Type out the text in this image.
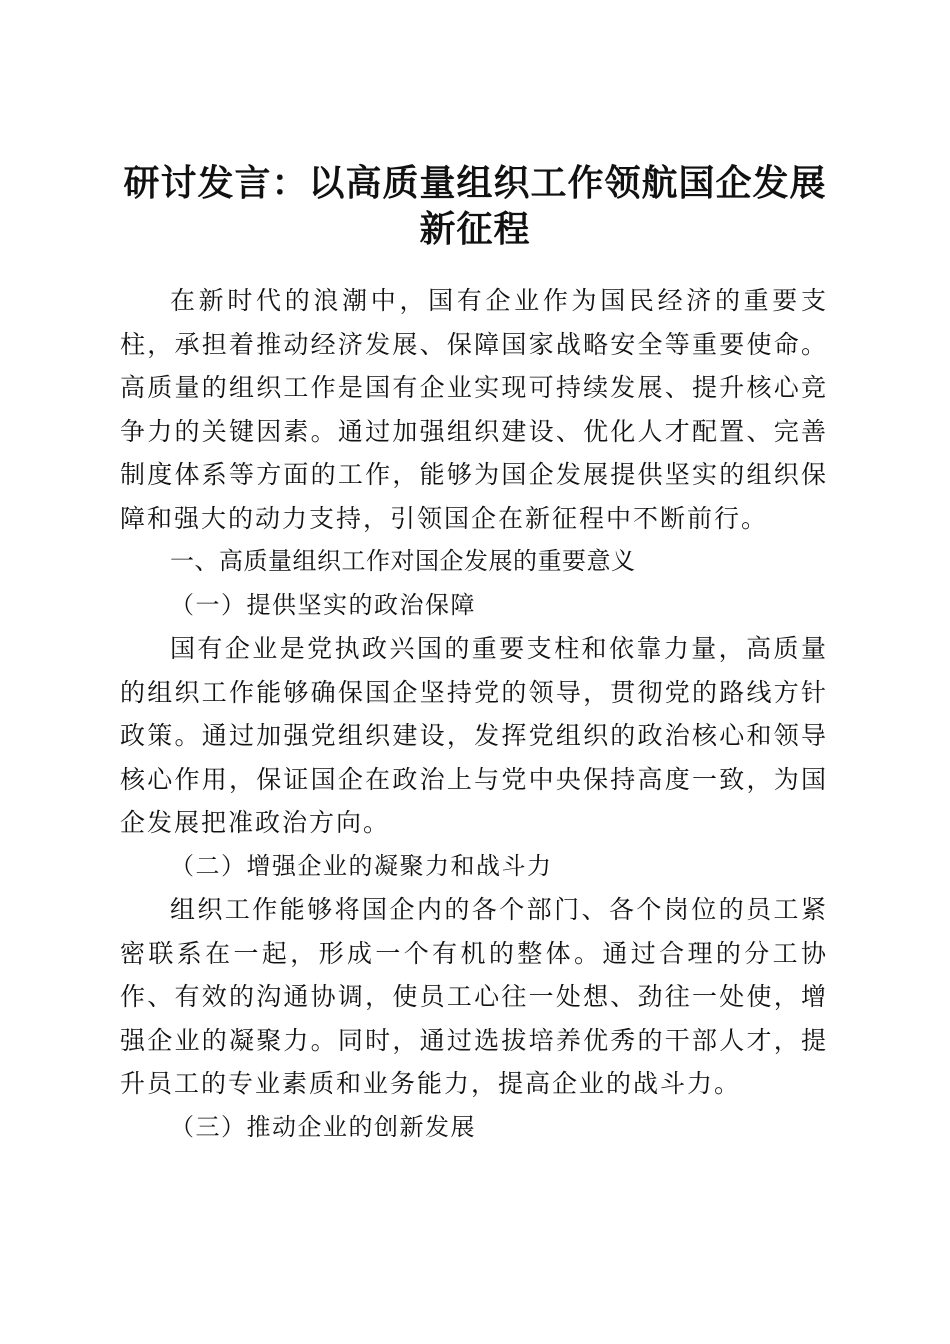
研讨发言：以高质量组织工作领航国企发展新征程

在新时代的浪潮中，国有企业作为国民经济的重要支柱，承担着推动经济发展、保障国家战略安全等重要使命。高质量的组织工作是国有企业实现可持续发展、提升核心竞争力的关键因素。通过加强组织建设、优化人才配置、完善制度体系等方面的工作，能够为国企发展提供坚实的组织保障和强大的动力支持，引领国企在新征程中不断前行。

一、高质量组织工作对国企发展的重要意义

（一）提供坚实的政治保障

国有企业是党执政兴国的重要支柱和依靠力量，高质量的组织工作能够确保国企坚持党的领导，贯彻党的路线方针政策。通过加强党组织建设，发挥党组织的政治核心和领导核心作用，保证国企在政治上与党中央保持高度一致，为国企发展把准政治方向。

（二）增强企业的凝聚力和战斗力

组织工作能够将国企内的各个部门、各个岗位的员工紧密联系在一起，形成一个有机的整体。通过合理的分工协作、有效的沟通协调，使员工心往一处想、劲往一处使，增强企业的凝聚力。同时，通过选拔培养优秀的干部人才，提升员工的专业素质和业务能力，提高企业的战斗力。

（三）推动企业的创新发展
